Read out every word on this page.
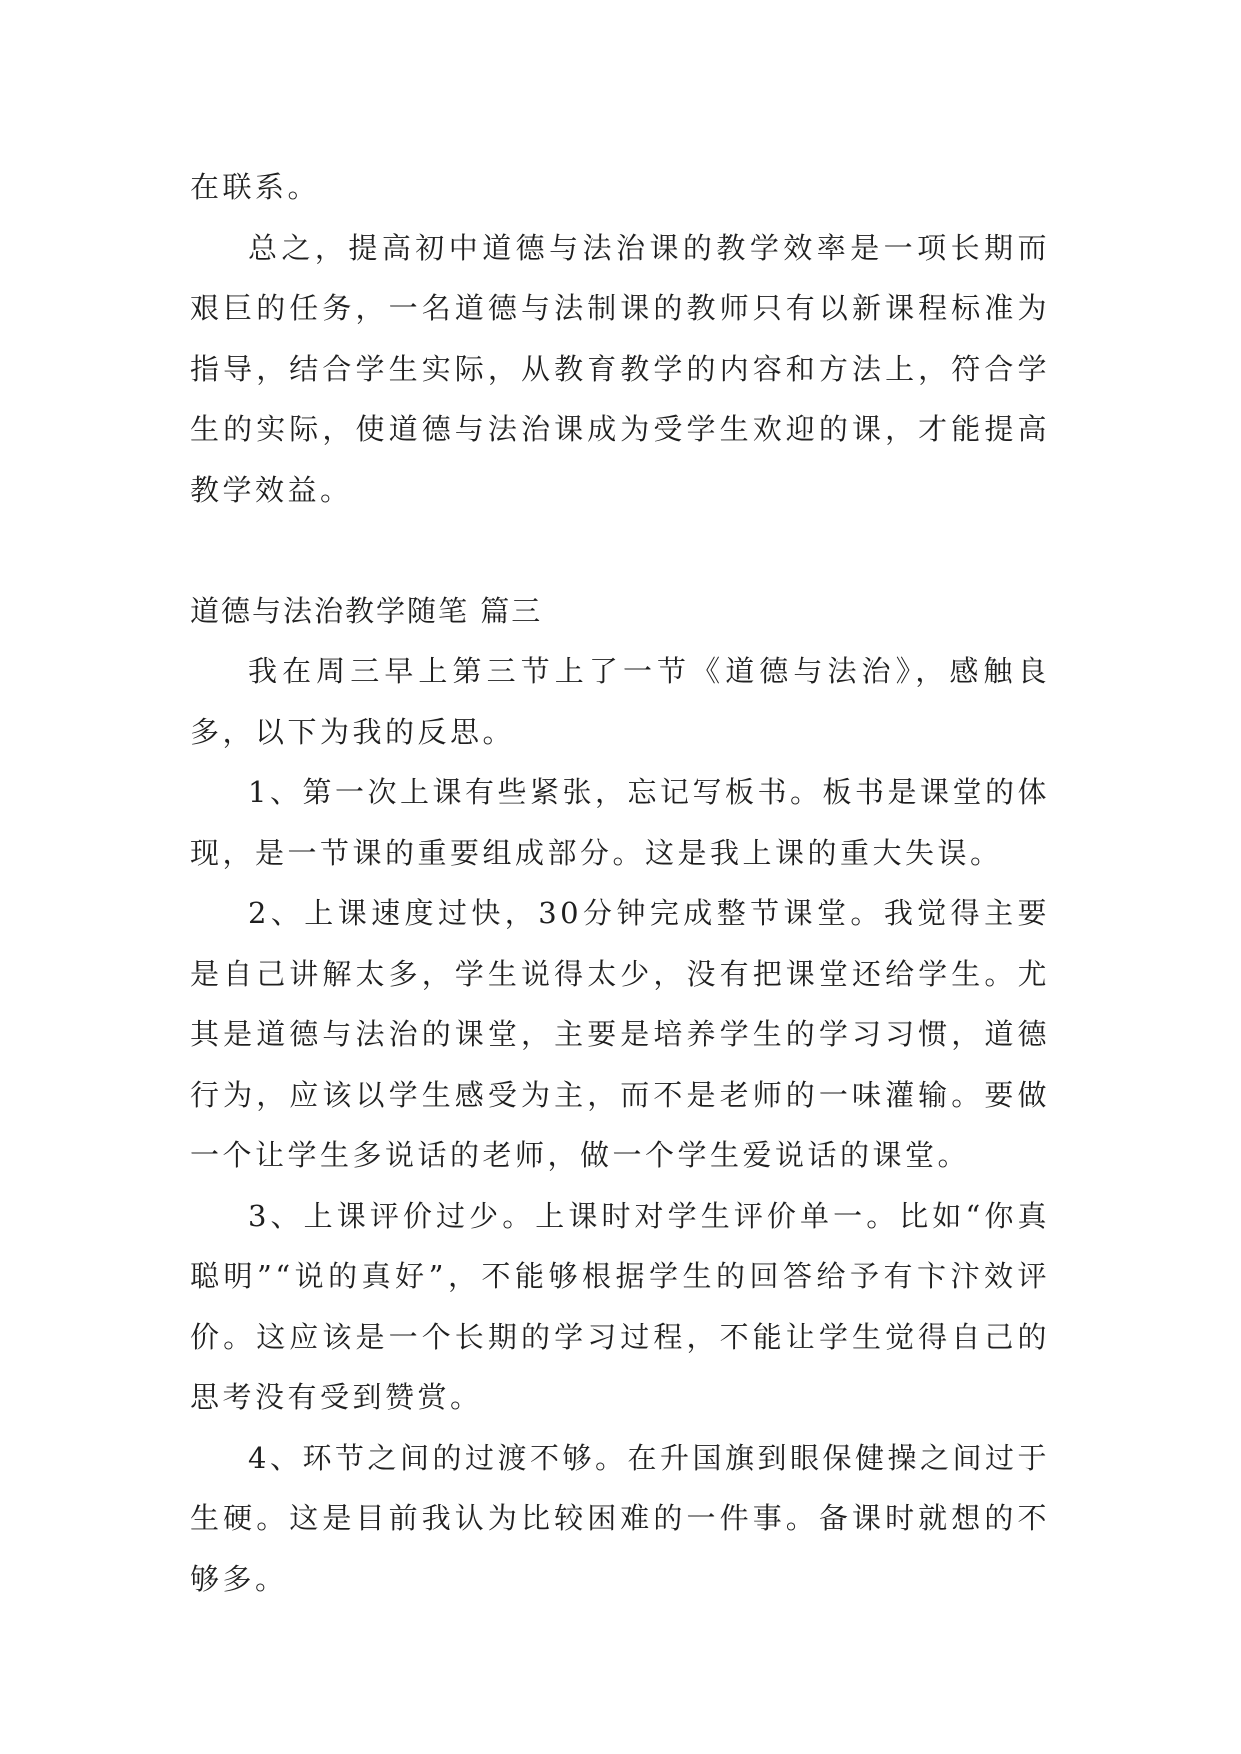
在联系。

总之，提高初中道德与法治课的教学效率是一项长期而艰巨的任务，一名道德与法制课的教师只有以新课程标准为指导，结合学生实际，从教育教学的内容和方法上，符合学生的实际，使道德与法治课成为受学生欢迎的课，才能提高教学效益。

道德与法治教学随笔 篇三

我在周三早上第三节上了一节《道德与法治》，感触良多，以下为我的反思。

1、第一次上课有些紧张，忘记写板书。板书是课堂的体现，是一节课的重要组成部分。这是我上课的重大失误。

2、上课速度过快，30分钟完成整节课堂。我觉得主要是自己讲解太多，学生说得太少，没有把课堂还给学生。尤其是道德与法治的课堂，主要是培养学生的学习习惯，道德行为，应该以学生感受为主，而不是老师的一味灌输。要做一个让学生多说话的老师，做一个学生爱说话的课堂。

3、上课评价过少。上课时对学生评价单一。比如“你真聪明”“说的真好”，不能够根据学生的回答给予有卞汴效评价。这应该是一个长期的学习过程，不能让学生觉得自己的思考没有受到赞赏。

4、环节之间的过渡不够。在升国旗到眼保健操之间过于生硬。这是目前我认为比较困难的一件事。备课时就想的不够多。
